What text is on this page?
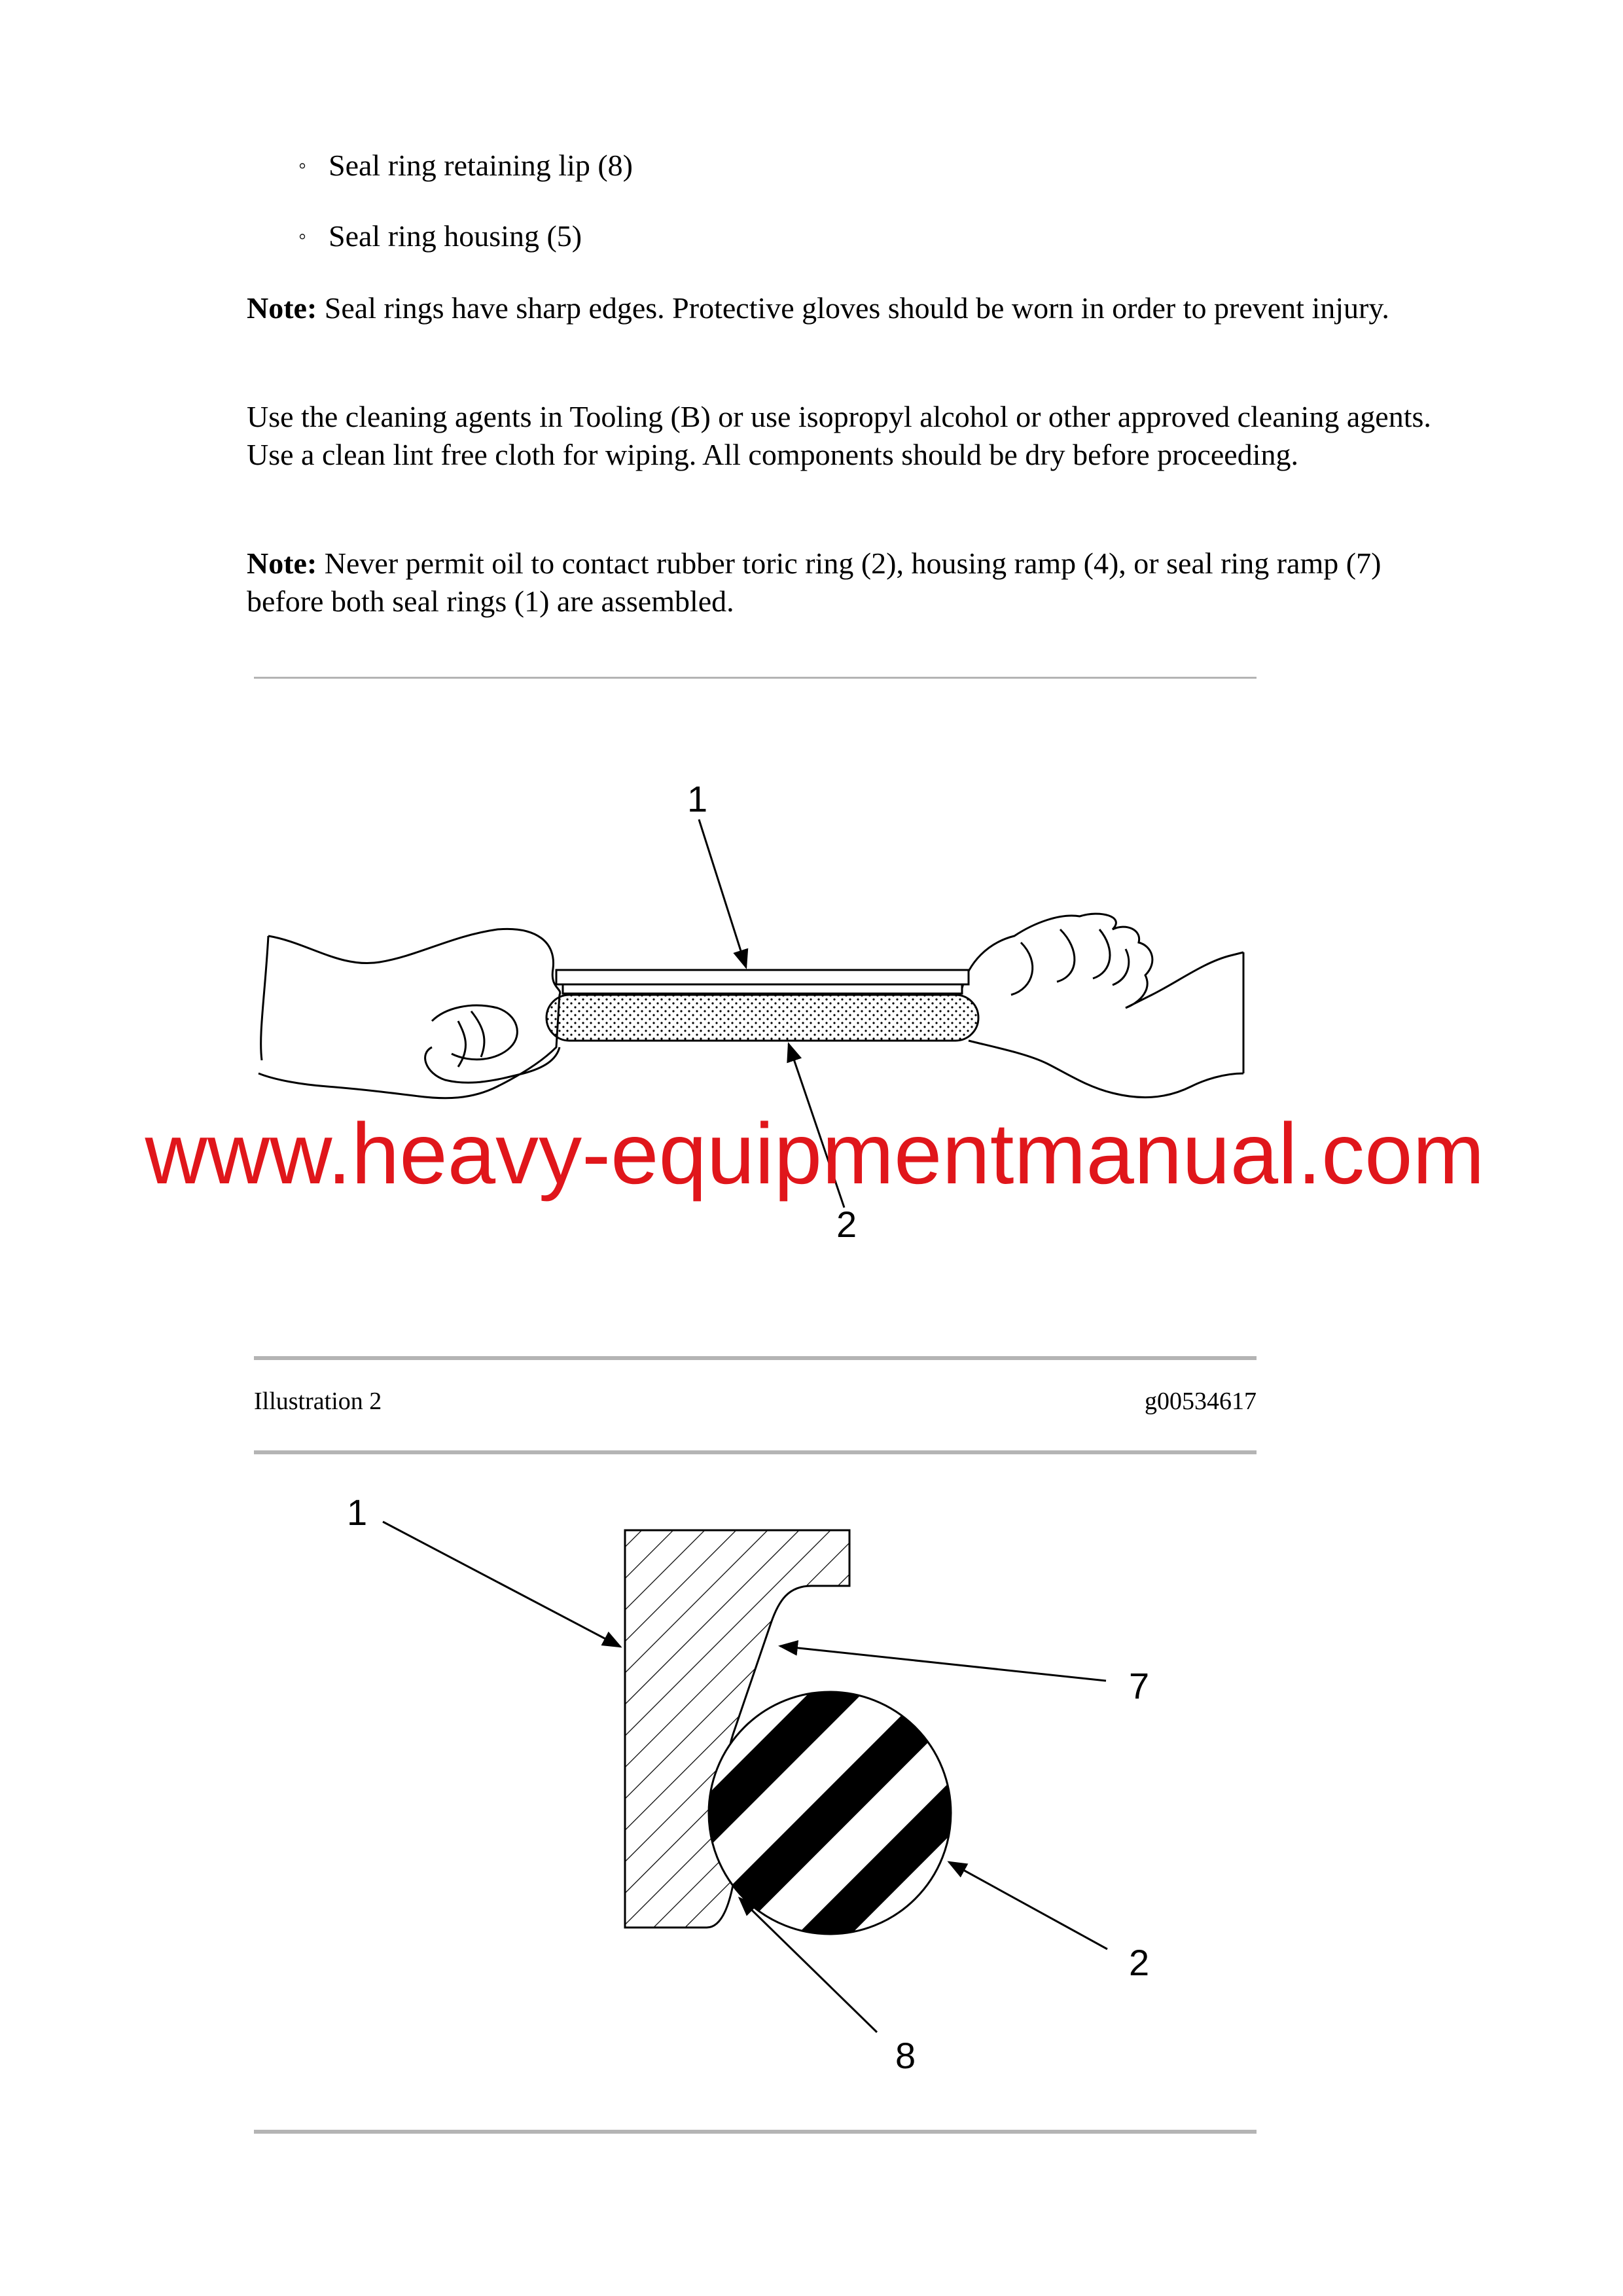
◦ Seal ring retaining lip (8)
◦ Seal ring housing (5)
Note: Seal rings have sharp edges. Protective gloves should be worn in order to prevent injury.
Use the cleaning agents in Tooling (B) or use isopropyl alcohol or other approved cleaning agents. Use a clean lint free cloth for wiping. All components should be dry before proceeding.
Note: Never permit oil to contact rubber toric ring (2), housing ramp (4), or seal ring ramp (7) before both seal rings (1) are assembled.
Illustration 2	g00534617
1
2
1
7
2
8
www.heavy-equipmentmanual.com
